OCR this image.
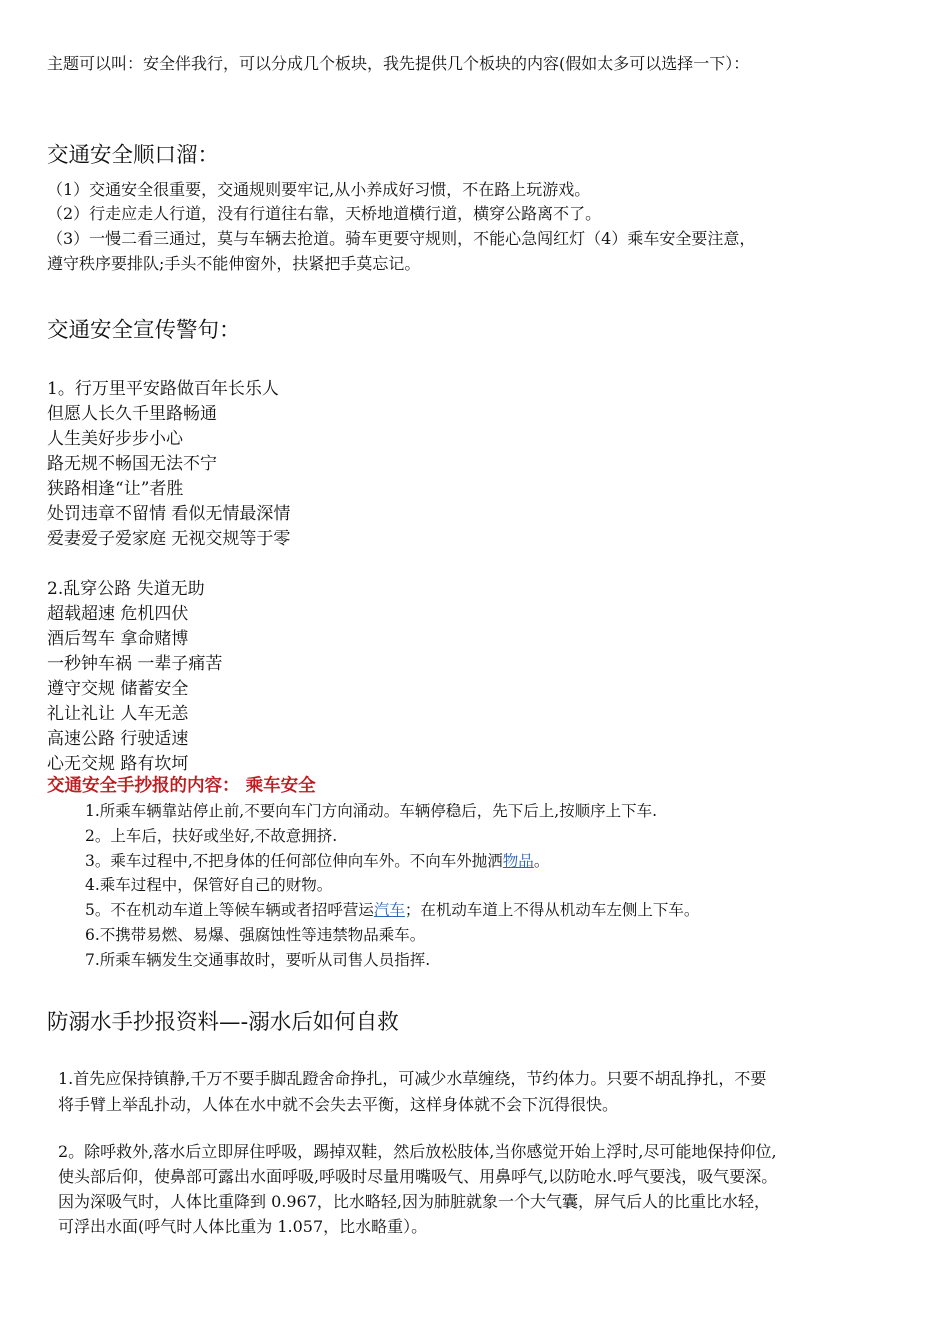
主题可以叫：安全伴我行，可以分成几个板块，我先提供几个板块的内容(假如太多可以选择一下）：
交通安全顺口溜：
（1）交通安全很重要，交通规则要牢记,从小养成好习惯，不在路上玩游戏。
（2）行走应走人行道，没有行道往右靠，天桥地道横行道，横穿公路离不了。
（3）一慢二看三通过，莫与车辆去抢道。骑车更要守规则，不能心急闯红灯（4）乘车安全要注意，
遵守秩序要排队;手头不能伸窗外，扶紧把手莫忘记。
交通安全宣传警句：
1。行万里平安路做百年长乐人
但愿人长久千里路畅通
人生美好步步小心
路无规不畅国无法不宁
狭路相逢“让”者胜
处罚违章不留情 看似无情最深情
爱妻爱子爱家庭 无视交规等于零
2.乱穿公路 失道无助
超载超速 危机四伏
酒后驾车 拿命赌博
一秒钟车祸 一辈子痛苦
遵守交规 储蓄安全
礼让礼让 人车无恙
高速公路 行驶适速
心无交规 路有坎坷
交通安全手抄报的内容： 乘车安全
1.所乘车辆靠站停止前,不要向车门方向涌动。车辆停稳后，先下后上,按顺序上下车.
2。上车后，扶好或坐好,不故意拥挤.
3。乘车过程中,不把身体的任何部位伸向车外。不向车外抛洒物品。
4.乘车过程中，保管好自己的财物。
5。不在机动车道上等候车辆或者招呼营运汽车；在机动车道上不得从机动车左侧上下车。
6.不携带易燃、易爆、强腐蚀性等违禁物品乘车。
7.所乘车辆发生交通事故时，要听从司售人员指挥.
防溺水手抄报资料—-溺水后如何自救
1.首先应保持镇静,千万不要手脚乱蹬舍命挣扎，可减少水草缠绕，节约体力。只要不胡乱挣扎，不要
将手臂上举乱扑动，人体在水中就不会失去平衡，这样身体就不会下沉得很快。
2。除呼救外,落水后立即屏住呼吸，踢掉双鞋，然后放松肢体,当你感觉开始上浮时,尽可能地保持仰位,
使头部后仰，使鼻部可露出水面呼吸,呼吸时尽量用嘴吸气、用鼻呼气,以防呛水.呼气要浅，吸气要深。
因为深吸气时，人体比重降到 0.967，比水略轻,因为肺脏就象一个大气囊，屏气后人的比重比水轻，
可浮出水面(呼气时人体比重为 1.057，比水略重）。
